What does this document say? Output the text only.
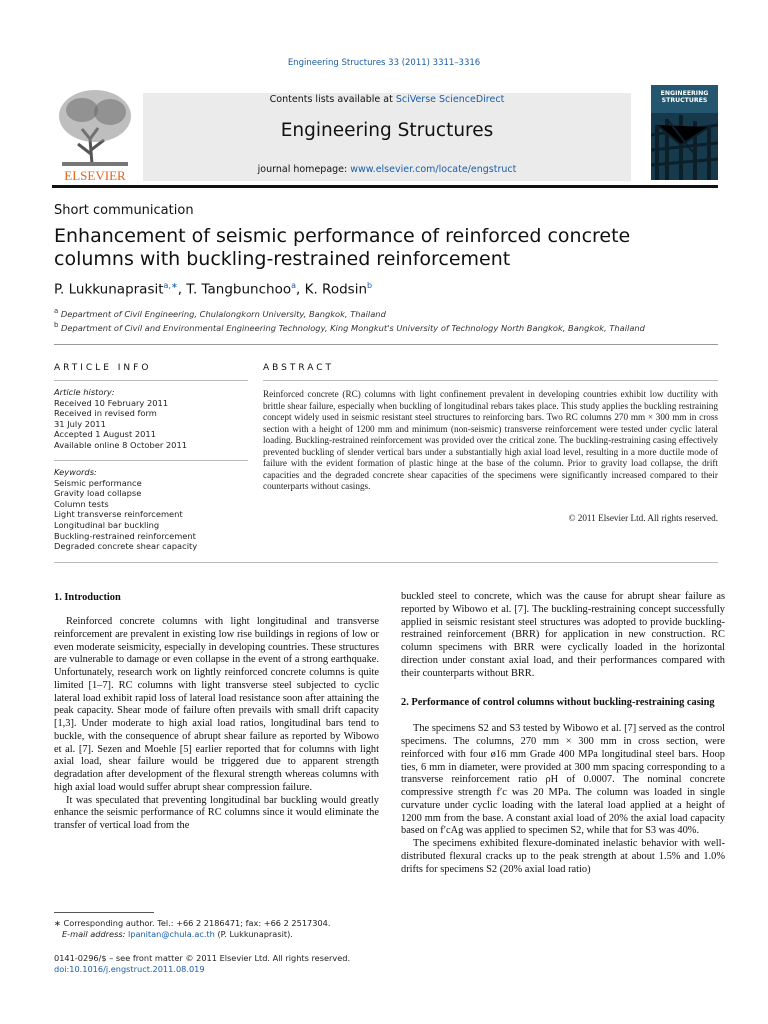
Engineering Structures 33 (2011) 3311–3316
ELSEVIER
Contents lists available at SciVerse ScienceDirect
Engineering Structures
journal homepage: www.elsevier.com/locate/engstruct
ENGINEERING
STRUCTURES
Short communication
Enhancement of seismic performance of reinforced concrete columns with buckling-restrained reinforcement
P. Lukkunaprasit$^{a,∗}$, T. Tangbunchoo$^a$, K. Rodsin$^b$
$^a$ Department of Civil Engineering, Chulalongkorn University, Bangkok, Thailand
$^b$ Department of Civil and Environmental Engineering Technology, King Mongkut's University of Technology North Bangkok, Bangkok, Thailand
ARTICLE INFO
Article history:
Received 10 February 2011
Received in revised form
31 July 2011
Accepted 1 August 2011
Available online 8 October 2011
Keywords:
Seismic performance
Gravity load collapse
Column tests
Light transverse reinforcement
Longitudinal bar buckling
Buckling-restrained reinforcement
Degraded concrete shear capacity
ABSTRACT
Reinforced concrete (RC) columns with light confinement prevalent in developing countries exhibit low ductility with brittle shear failure, especially when buckling of longitudinal rebars takes place. This study applies the buckling restraining concept widely used in seismic resistant steel structures to reinforcing bars. Two RC columns 270 mm × 300 mm in cross section with a height of 1200 mm and minimum (non-seismic) transverse reinforcement were tested under cyclic lateral loading. Buckling-restrained reinforcement was provided over the critical zone. The buckling-restraining casing effectively prevented buckling of slender vertical bars under a substantially high axial load level, resulting in a more ductile mode of failure with the evident formation of plastic hinge at the base of the column. Prior to gravity load collapse, the drift capacities and the degraded concrete shear capacities of the specimens were significantly increased compared to their counterparts without casings.
© 2011 Elsevier Ltd. All rights reserved.
1. Introduction

Reinforced concrete columns with light longitudinal and transverse reinforcement are prevalent in existing low rise buildings in regions of low or even moderate seismicity, especially in developing countries. These structures are vulnerable to damage or even collapse in the event of a strong earthquake. Unfortunately, research work on lightly reinforced concrete columns is quite limited [1–7]. RC columns with light transverse steel subjected to cyclic lateral load exhibit rapid loss of lateral load resistance soon after attaining the peak capacity. Shear mode of failure often prevails with small drift capacity [1,3]. Under moderate to high axial load ratios, longitudinal bars tend to buckle, with the consequence of abrupt shear failure as reported by Wibowo et al. [7]. Sezen and Moehle [5] earlier reported that for columns with light axial load, shear failure would be triggered due to apparent strength degradation after development of the flexural strength whereas columns with high axial load would suffer abrupt shear compression failure.

It was speculated that preventing longitudinal bar buckling would greatly enhance the seismic performance of RC columns since it would eliminate the transfer of vertical load from the

buckled steel to concrete, which was the cause for abrupt shear failure as reported by Wibowo et al. [7]. The buckling-restraining concept successfully applied in seismic resistant steel structures was adopted to provide buckling-restrained reinforcement (BRR) for application in new construction. RC column specimens with BRR were cyclically loaded in the horizontal direction under constant axial load, and their performances compared with their counterparts without BRR.

2. Performance of control columns without buckling-restraining casing

The specimens S2 and S3 tested by Wibowo et al. [7] served as the control specimens. The columns, 270 mm × 300 mm in cross section, were reinforced with four ø16 mm Grade 400 MPa longitudinal steel bars. Hoop ties, 6 mm in diameter, were provided at 300 mm spacing corresponding to a transverse reinforcement ratio ρH of 0.0007. The nominal concrete compressive strength f′c was 20 MPa. The column was loaded in single curvature under cyclic loading with the lateral load applied at a height of 1200 mm from the base. A constant axial load of 20% the axial load capacity based on f′cAg was applied to specimen S2, while that for S3 was 40%.

The specimens exhibited flexure-dominated inelastic behavior with well-distributed flexural cracks up to the peak strength at about 1.5% and 1.0% drifts for specimens S2 (20% axial load ratio)

∗ Corresponding author. Tel.: +66 2 2186471; fax: +66 2 2517304.
E-mail address: lpanitan@chula.ac.th (P. Lukkunaprasit).
0141-0296/$ – see front matter © 2011 Elsevier Ltd. All rights reserved.
doi:10.1016/j.engstruct.2011.08.019
